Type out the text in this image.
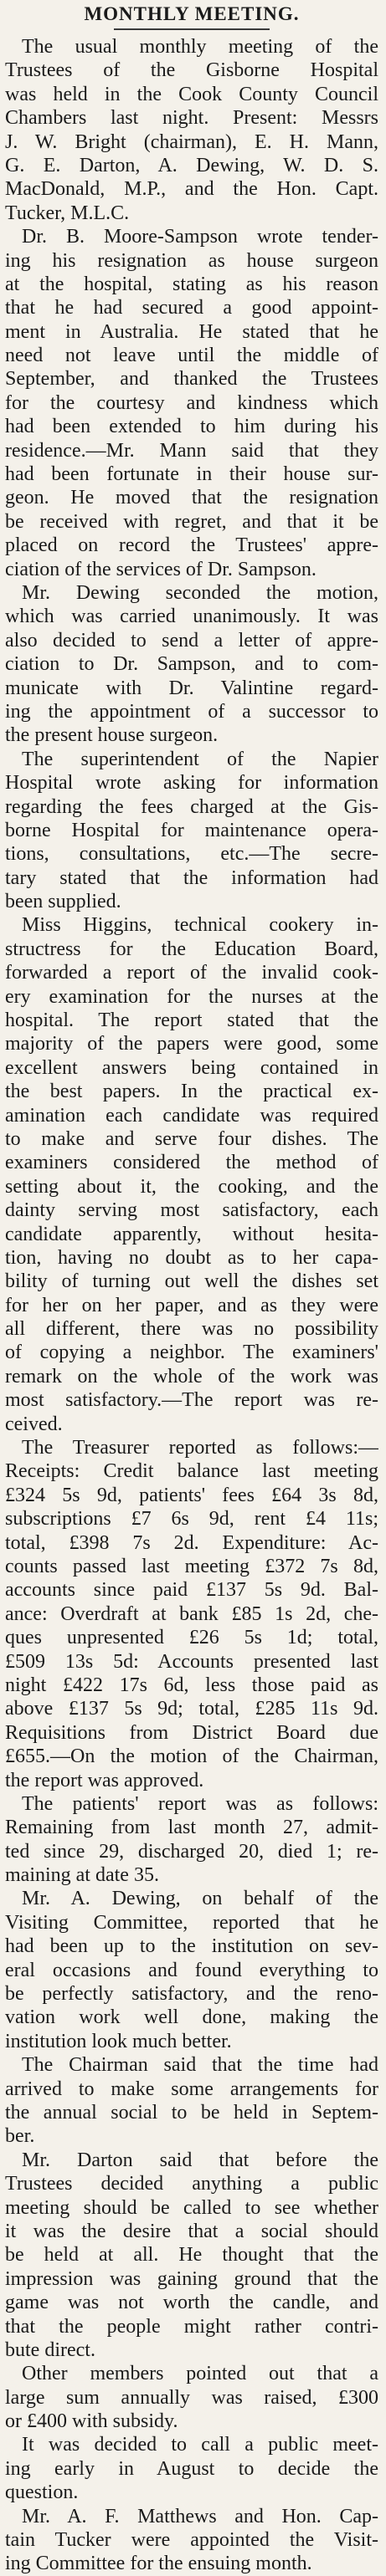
MONTHLY MEETING.
The usual monthly meeting of the
Trustees of the Gisborne Hospital
was held in the Cook County Council
Chambers last night. Present: Messrs
J. W. Bright (chairman), E. H. Mann,
G. E. Darton, A. Dewing, W. D. S.
MacDonald, M.P., and the Hon. Capt.
Tucker, M.L.C.
Dr. B. Moore-Sampson wrote tender-
ing his resignation as house surgeon
at the hospital, stating as his reason
that he had secured a good appoint-
ment in Australia. He stated that he
need not leave until the middle of
September, and thanked the Trustees
for the courtesy and kindness which
had been extended to him during his
residence.—Mr. Mann said that they
had been fortunate in their house sur-
geon. He moved that the resignation
be received with regret, and that it be
placed on record the Trustees' appre-
ciation of the services of Dr. Sampson.
Mr. Dewing seconded the motion,
which was carried unanimously. It was
also decided to send a letter of appre-
ciation to Dr. Sampson, and to com-
municate with Dr. Valintine regard-
ing the appointment of a successor to
the present house surgeon.
The superintendent of the Napier
Hospital wrote asking for information
regarding the fees charged at the Gis-
borne Hospital for maintenance opera-
tions, consultations, etc.—The secre-
tary stated that the information had
been supplied.
Miss Higgins, technical cookery in-
structress for the Education Board,
forwarded a report of the invalid cook-
ery examination for the nurses at the
hospital. The report stated that the
majority of the papers were good, some
excellent answers being contained in
the best papers. In the practical ex-
amination each candidate was required
to make and serve four dishes. The
examiners considered the method of
setting about it, the cooking, and the
dainty serving most satisfactory, each
candidate apparently, without hesita-
tion, having no doubt as to her capa-
bility of turning out well the dishes set
for her on her paper, and as they were
all different, there was no possibility
of copying a neighbor. The examiners'
remark on the whole of the work was
most satisfactory.—The report was re-
ceived.
The Treasurer reported as follows:—
Receipts: Credit balance last meeting
£324 5s 9d, patients' fees £64 3s 8d,
subscriptions £7 6s 9d, rent £4 11s;
total, £398 7s 2d. Expenditure: Ac-
counts passed last meeting £372 7s 8d,
accounts since paid £137 5s 9d. Bal-
ance: Overdraft at bank £85 1s 2d, che-
ques unpresented £26 5s 1d; total,
£509 13s 5d: Accounts presented last
night £422 17s 6d, less those paid as
above £137 5s 9d; total, £285 11s 9d.
Requisitions from District Board due
£655.—On the motion of the Chairman,
the report was approved.
The patients' report was as follows:
Remaining from last month 27, admit-
ted since 29, discharged 20, died 1; re-
maining at date 35.
Mr. A. Dewing, on behalf of the
Visiting Committee, reported that he
had been up to the institution on sev-
eral occasions and found everything to
be perfectly satisfactory, and the reno-
vation work well done, making the
institution look much better.
The Chairman said that the time had
arrived to make some arrangements for
the annual social to be held in Septem-
ber.
Mr. Darton said that before the
Trustees decided anything a public
meeting should be called to see whether
it was the desire that a social should
be held at all. He thought that the
impression was gaining ground that the
game was not worth the candle, and
that the people might rather contri-
bute direct.
Other members pointed out that a
large sum annually was raised, £300
or £400 with subsidy.
It was decided to call a public meet-
ing early in August to decide the
question.
Mr. A. F. Matthews and Hon. Cap-
tain Tucker were appointed the Visit-
ing Committee for the ensuing month.
